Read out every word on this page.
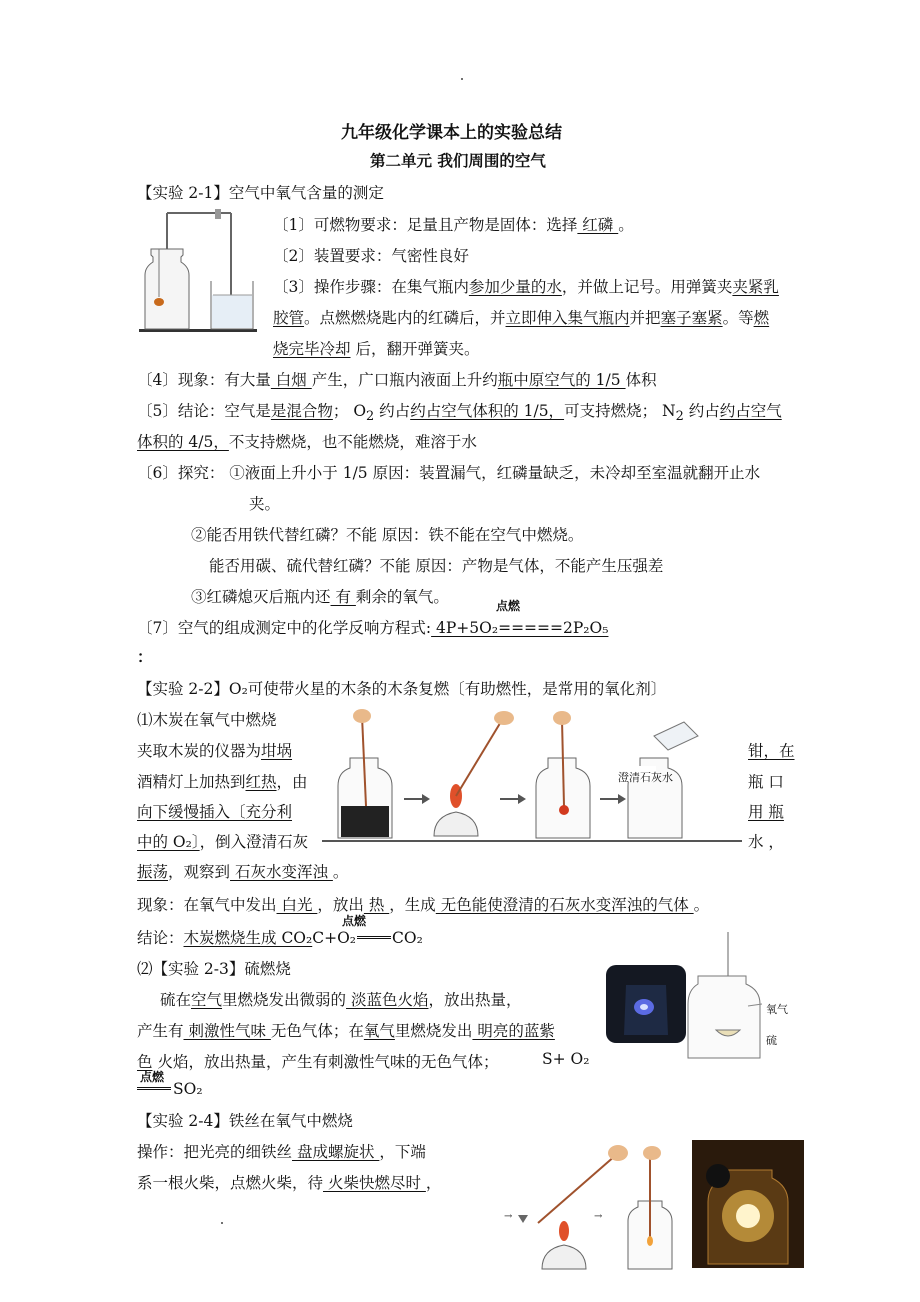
九年级化学课本上的实验总结
第二单元 我们周围的空气
【实验 2-1】空气中氧气含量的测定
〔1〕可燃物要求：足量且产物是固体：选择 红磷 。
〔2〕装置要求：气密性良好
〔3〕操作步骤：在集气瓶内参加少量的水，并做上记号。用弹簧夹夹紧乳
胶管。点燃燃烧匙内的红磷后，并立即伸入集气瓶内并把塞子塞紧。等燃
烧完毕冷却 后，翻开弹簧夹。
〔4〕现象：有大量 白烟 产生，广口瓶内液面上升约瓶中原空气的 1/5 体积
〔5〕结论：空气是是混合物； $O_2$ 约占约占空气体积的 1/5，可支持燃烧； $N_2$ 约占约占空气
体积的 4/5，不支持燃烧，也不能燃烧，难溶于水
〔6〕探究： ①液面上升小于 1/5 原因：装置漏气，红磷量缺乏，未冷却至室温就翻开止水
夹。
②能否用铁代替红磷？不能 原因：铁不能在空气中燃烧。
能否用碳、硫代替红磷？不能 原因：产物是气体，不能产生压强差
③红磷熄灭后瓶内还 有 剩余的氧气。	点燃
〔7〕空气的组成测定中的化学反响方程式: 4P+5O₂=====2P₂O₅
：
【实验 2-2】O₂可使带火星的木条的木条复燃〔有助燃性，是常用的氧化剂〕
⑴木炭在氧气中燃烧
夹取木炭的仪器为坩埚
酒精灯上加热到红热，由
向下缓慢插入〔充分利
中的 O₂〕，倒入澄清石灰
振荡，观察到 石灰水变浑浊 。
钳，在
瓶 口
用 瓶
水 ，
澄清石灰水
现象：在氧气中发出 白光 ，放出 热 ，生成 无色能使澄清的石灰水变浑浊的气体 。
点燃
结论：木炭燃烧生成 CO₂C+O₂ CO₂
⑵【实验 2-3】硫燃烧
硫在空气里燃烧发出微弱的 淡蓝色火焰，放出热量，
产生有 刺激性气味 无色气体；在氧气里燃烧发出 明亮的蓝紫
色 火焰，放出热量，产生有刺激性气味的无色气体；	S+ O₂
点燃
SO₂
氧气
硫
【实验 2-4】铁丝在氧气中燃烧
操作：把光亮的细铁丝 盘成螺旋状 ，下端
系一根火柴，点燃火柴，待 火柴快燃尽时 ，
→	→
